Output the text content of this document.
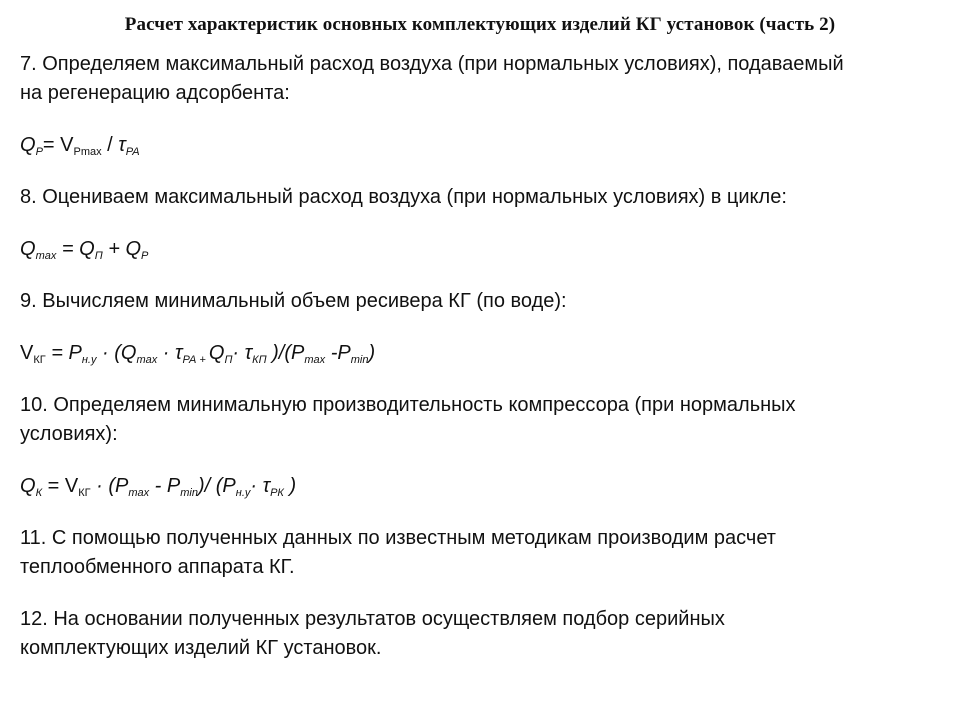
Расчет характеристик основных комплектующих изделий КГ установок (часть 2)
7. Определяем максимальный расход воздуха (при нормальных условиях), подаваемый
на регенерацию адсорбента:
$Q_Р= V_{Рmax} / \tau_{РА}$
8. Оцениваем максимальный расход воздуха (при нормальных условиях) в цикле:
$Q_{max} = Q_П + Q_Р$
9. Вычисляем минимальный объем ресивера КГ (по воде):
$V_{КГ} = P_{н.у} \cdot (Q_{max} \cdot \tau_{РА +}$ $Q_П\cdot \tau_{КП}$ )$/(P_{max}$ $-P_{min}$)
10. Определяем минимальную производительность компрессора (при нормальных
условиях):
$Q_К = V_{КГ} \cdot (P_{max} - P_{min})/$ ($P_{н.у}\cdot \tau_{РК}$ )
11. С помощью полученных данных по известным методикам производим расчет
теплообменного аппарата КГ.
12. На основании полученных результатов осуществляем подбор серийных
комплектующих изделий КГ установок.
